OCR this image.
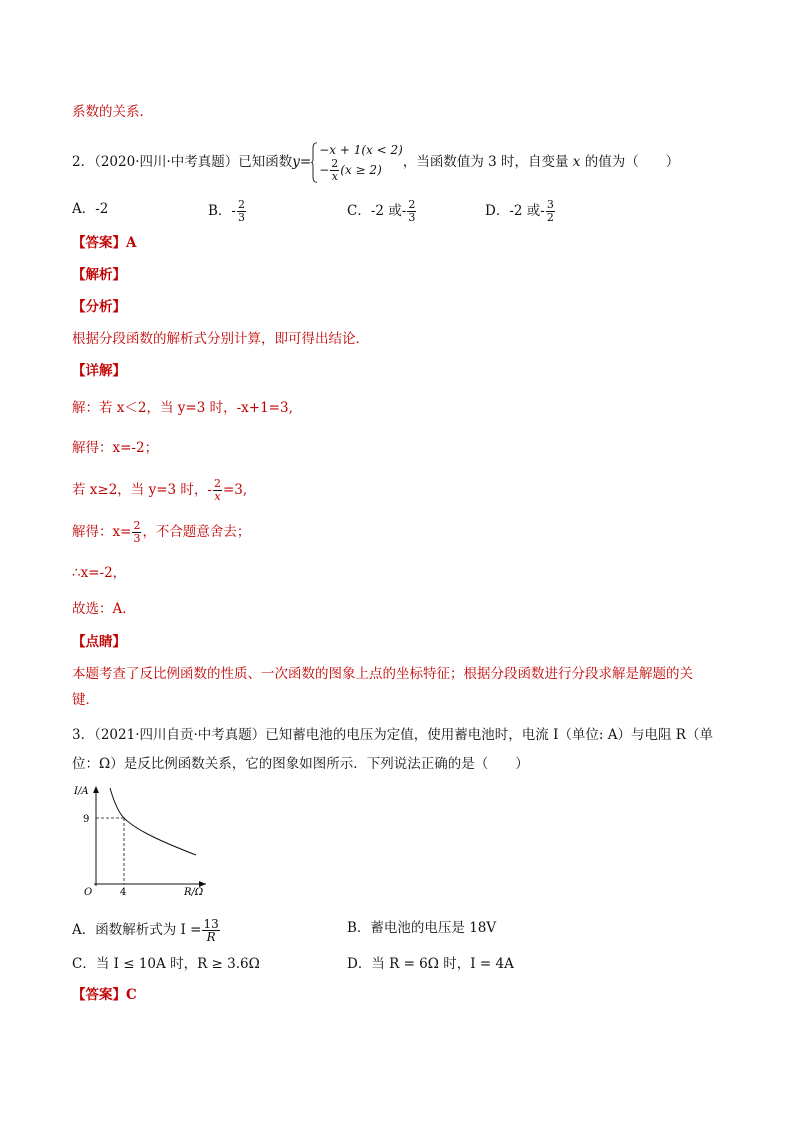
系数的关系．
2．（2020·四川·中考真题）已知函数y=
−x + 1(x < 2)
− $\frac{2}{x} (x \ge 2)$	，当函数值为 3 时，自变量 x 的值为（　　）
A．-2	B．- $\frac{2}{3}$	C．-2 或- $\frac{2}{3}$	D．-2 或- $\frac{3}{2}$
【答案】A
【解析】
【分析】
根据分段函数的解析式分别计算，即可得出结论．
【详解】
解：若 x＜2，当 y=3 时，-x+1=3,
解得：x=-2；
若 x≥2，当 y=3 时，- $\frac{2}{x} =3$,
解得：$x= \frac{2}{3}$ ，不合题意舍去；
∴x=-2，
故选：A．
【点睛】
本题考查了反比例函数的性质、一次函数的图象上点的坐标特征；根据分段函数进行分段求解是解题的关
键．
3．（2021·四川自贡·中考真题）已知蓄电池的电压为定值，使用蓄电池时，电流 I（单位: A）与电阻 R（单
位：Ω）是反比例函数关系，它的图象如图所示．下列说法正确的是（　　）
I/A
9
O	4	R/Ω
A．函数解析式为 $I = \frac{13}{R}$	B．蓄电池的电压是 18V
C．当 I ≤ 10A 时，R ≥ 3.6Ω	D．当 R = 6Ω 时，I = 4A
【答案】C
